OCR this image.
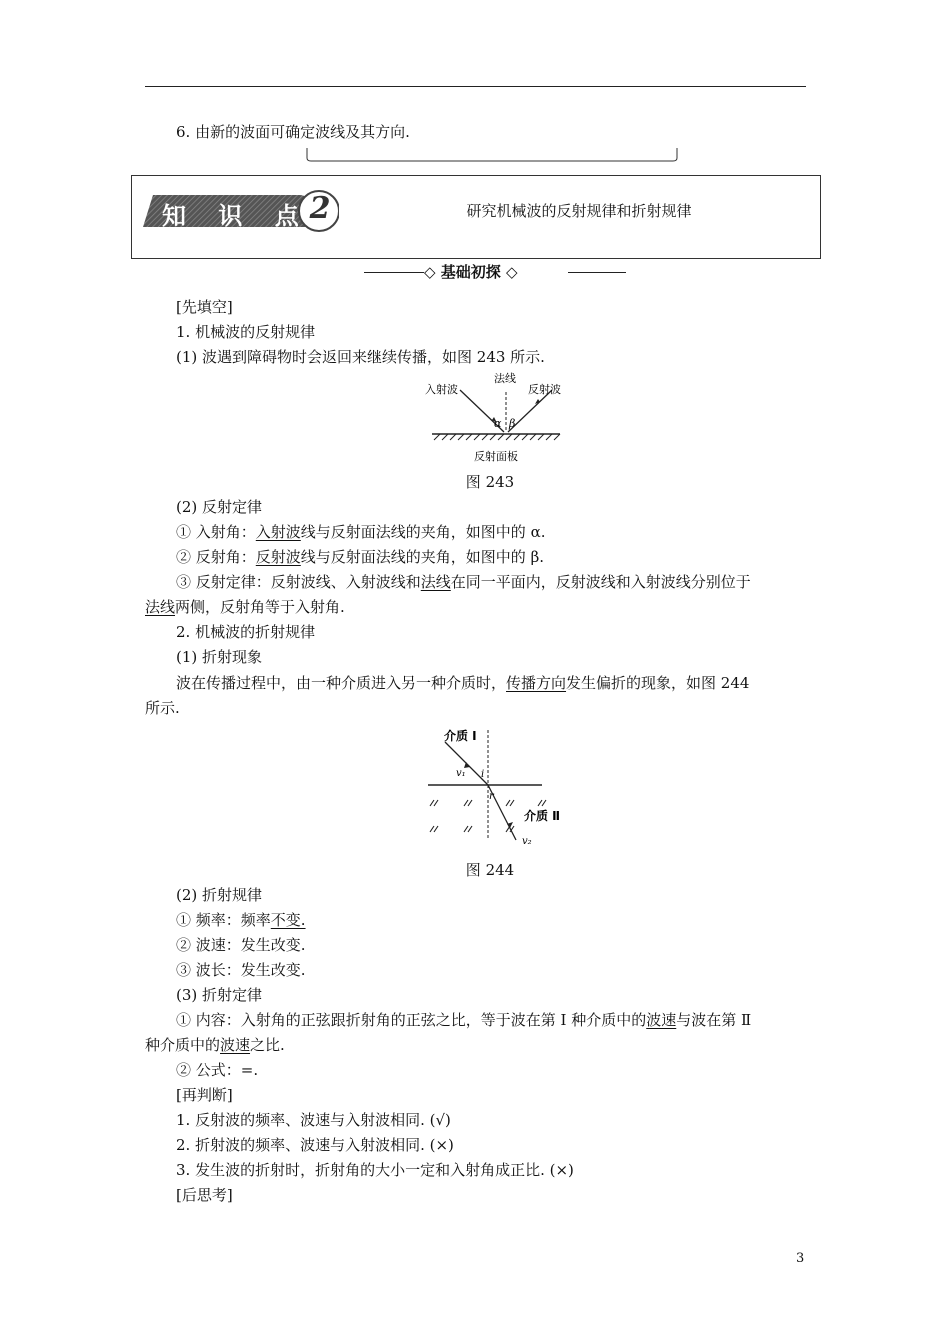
6. 由新的波面可确定波线及其方向.
知 识 点
2	研究机械波的反射规律和折射规律
◇ 基础初探 ◇
[先填空]
1. 机械波的反射规律
(1) 波遇到障碍物时会返回来继续传播，如图 243 所示.
入射波
法线
反射波
α β
反射面板
图 243
(2) 反射定律
① 入射角：入射波线与反射面法线的夹角，如图中的 α.
② 反射角：反射波线与反射面法线的夹角，如图中的 β.
③ 反射定律：反射波线、入射波线和法线在同一平面内，反射波线和入射波线分别位于
法线两侧，反射角等于入射角.
2. 机械波的折射规律
(1) 折射现象
波在传播过程中，由一种介质进入另一种介质时，传播方向发生偏折的现象，如图 244
所示.
介质 Ⅰ
介质 Ⅱ
v₁
v₂
i
r
图 244
(2) 折射规律
① 频率：频率不变.
② 波速：发生改变.
③ 波长：发生改变.
(3) 折射定律
① 内容：入射角的正弦跟折射角的正弦之比，等于波在第 Ⅰ 种介质中的波速与波在第 Ⅱ
种介质中的波速之比.
② 公式：=.
[再判断]
1. 反射波的频率、波速与入射波相同. (√)
2. 折射波的频率、波速与入射波相同. (×)
3. 发生波的折射时，折射角的大小一定和入射角成正比. (×)
[后思考]
3
